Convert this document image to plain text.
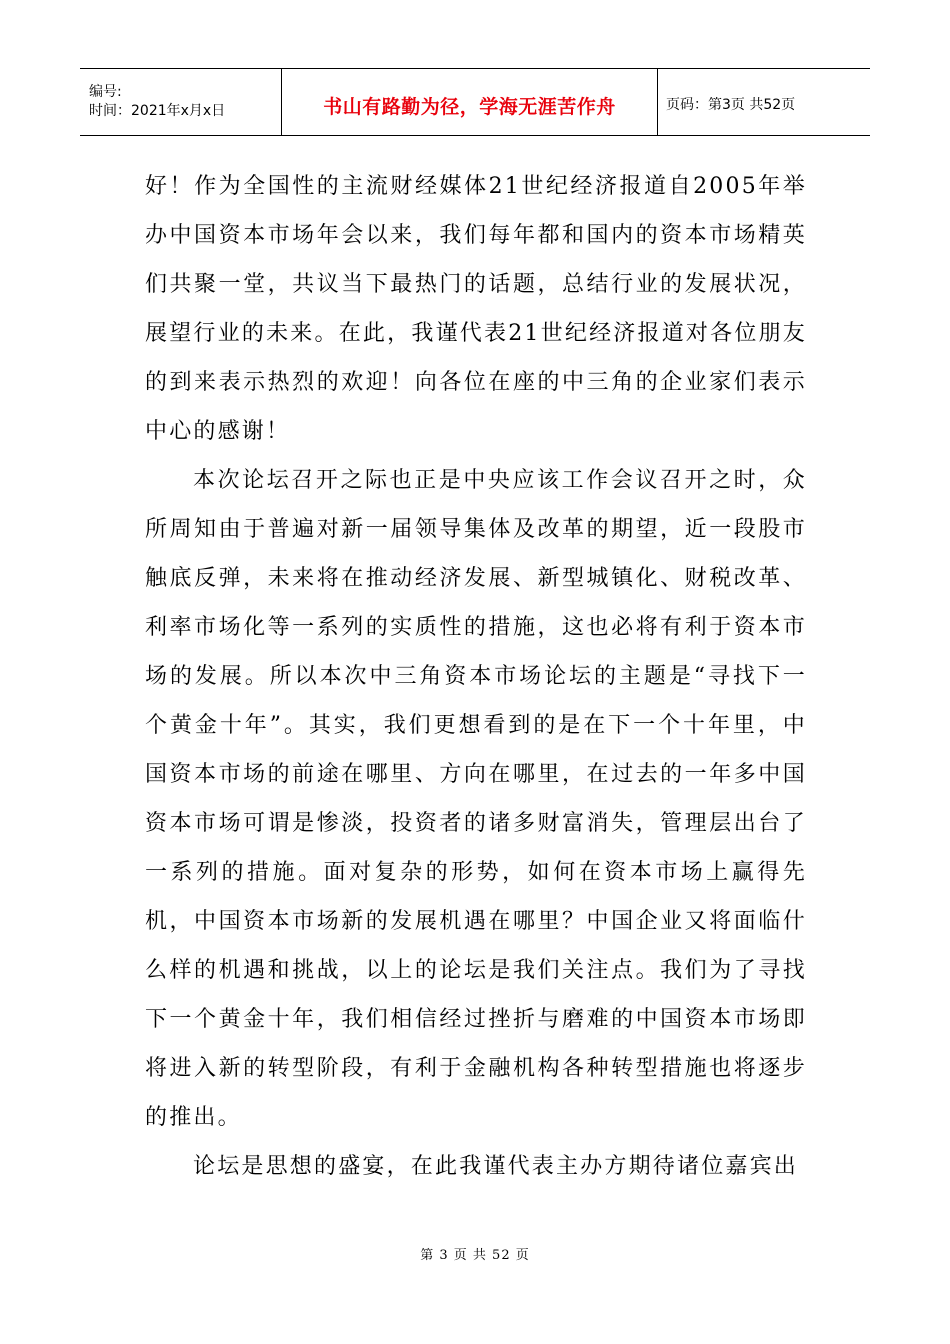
编号:
时间：2021年x月x日	书山有路勤为径，学海无涯苦作舟	页码：第3页 共52页

好！作为全国性的主流财经媒体21世纪经济报道自2005年举办中国资本市场年会以来，我们每年都和国内的资本市场精英们共聚一堂，共议当下最热门的话题，总结行业的发展状况，展望行业的未来。在此，我谨代表21世纪经济报道对各位朋友的到来表示热烈的欢迎！向各位在座的中三角的企业家们表示中心的感谢！

本次论坛召开之际也正是中央应该工作会议召开之时，众所周知由于普遍对新一届领导集体及改革的期望，近一段股市触底反弹，未来将在推动经济发展、新型城镇化、财税改革、利率市场化等一系列的实质性的措施，这也必将有利于资本市场的发展。所以本次中三角资本市场论坛的主题是“寻找下一个黄金十年”。其实，我们更想看到的是在下一个十年里，中国资本市场的前途在哪里、方向在哪里，在过去的一年多中国资本市场可谓是惨淡，投资者的诸多财富消失，管理层出台了一系列的措施。面对复杂的形势，如何在资本市场上赢得先机，中国资本市场新的发展机遇在哪里？中国企业又将面临什么样的机遇和挑战，以上的论坛是我们关注点。我们为了寻找下一个黄金十年，我们相信经过挫折与磨难的中国资本市场即将进入新的转型阶段，有利于金融机构各种转型措施也将逐步的推出。

论坛是思想的盛宴，在此我谨代表主办方期待诸位嘉宾出

第 3 页 共 52 页
